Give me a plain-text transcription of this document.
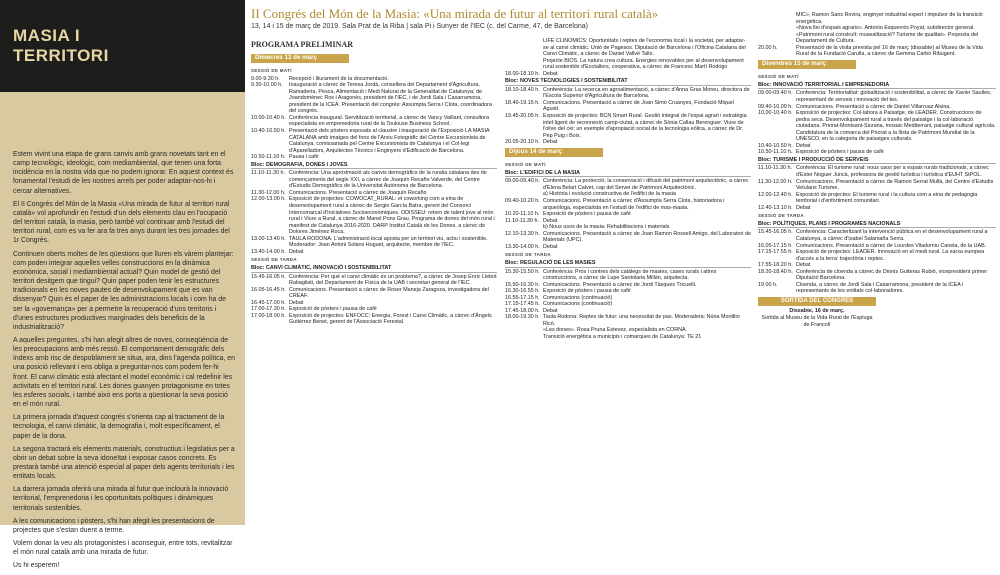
MASIA I
TERRITORI

Estem vivint una etapa de grans canvis amb grans novetats tant en el camp tecnològic, ideològic, com mediambiental, que tenen una forta incidència en la nostra vida que no podem ignorar. En aquest context és fonamental l'estudi de les nostres arrels per poder adaptar-nos-hi i cercar alternatives.

El II Congrés del Món de la Masia «Una mirada de futur al territori rural català» vol aprofundir en l'estudi d'un dels elements clau en l'ocupació del territori català, la masia, però també vol continuar amb l'estudi del territori rural, com es va fer ara fa tres anys durant les tres jornades del 1r Congrés.

Continuen oberts moltes de les qüestions que lluren els vàrem plantejar: com poden integrar aquelles velles construccions en la dinàmica econòmica, social i mediambiental actual? Quin model de gestió del territori desitgem que tingui? Quin paper poden tenir les estructures tradicionals en les noves pautes de desenvolupament que es van dissenyar? Quin és el paper de les administracions locals i com ha de ser la «governança» per a permetre la recuperació d'uns territoris i d'unes estructures productives marginades dels beneficis de la industrialització?

A aquelles preguntes, s'hi han afegit altres de noves, conseqüència de les preocupacions amb més ressò. El comportament demogràfic dels índexs amb risc de despoblament se situa, ara, dins l'agenda política, en una posició rellevant i ens obliga a preguntar-nos com podem fer-hi front. El canvi climàtic està afectant el model econòmic i cal redefinir les activitats en el territori rural. Les dones guanyen protagonisme en totes les esferes socials, i també això ens porta a qüestionar la seva posició en el món rural.

La primera jornada d'aquest congrés s'orienta cap al tractament de la tecnologia, el canvi climàtic, la demografia i, molt específicament, el paper de la dona.

La segona tractarà els elements materials, constructius i legislatius per a obrir un debat sobre la seva idoneïtat i exposar casos concrets. Es prestarà també una atenció especial al paper dels agents territorials i les entitats locals.

La darrera jornada oferirà una mirada al futur que inclourà la innovació territorial, l'emprenedoria i les oportunitats polítiques i dinàmiques territorials sostenibles.

A les comunicacions i pòsters, s'hi han afegit les presentacions de projectes que s'estan duent a terme.

Volem donar la veu als protagonistes i aconseguir, entre tots, revitalitzar el món rural català amb una mirada de futur.

Us hi esperem!

II Congrés del Món de la Masia: «Una mirada de futur al territori rural català»
13, 14 i 15 de març de 2019. Sala Prat de la Riba | sala Pi i Sunyer de l'IEC (c. del Carme, 47, de Barcelona)
PROGRAMA PRELIMINAR
Dimecres 13 de març
SESSIÓ DE MATÍ
9.00-9.30 h.	Recepció i lliurament de la documentació.
9.30-10.00 h.	Inauguració a càrrec de Teresa Jordà, consellera del Departament d'Agricultura, Ramaderia, Pesca, Alimentació i Medi Natural de la Generalitat de Catalunya; de Joandomènec Ros i Aragonès, president de l'IEC, i de Jordi Sala i Casarramona, president de la ICEA. Presentació del congrés: Assumpta Serra i Clota, coordinadora del congrés.
10.00-10.40 h. Conferència inaugural. Servitització territorial, a càrrec de Vancy Vaillant, consultora especialista en emprenedoria rural de la Toulouse Business School.
10.40-10.50 h. Presentació dels pòsters exposats al claustre i inauguració de l'Exposició LA MASIA CATALANA amb imatges del fons de l'Arxiu Fotogràfic del Centre Excursionista de Catalunya, comissariada pel Centre Excursionista de Catalunya i el Col·legi d'Aparelladors, Arquitectes Tècnics i Enginyers d'Edificació de Barcelona.
10.50-11.10 h. Pausa i cafè
Bloc: DEMOGRAFIA, DONES I JOVES
11.10-11.30 h. Conferència: Una aproximació als canvis demogràfics de la ruralia catalana des de començaments del segle XXI, a càrrec de Joaquín Recaño Valverde, del Centre d'Estudis Demogràfics de la Universitat Autònoma de Barcelona.
11.30-12.00 h. Comunicacions. Presentació a càrrec de Joaquín Recaño
12.00-13.00 h. Exposició de projectes: COWOCAT_RURAL: el coworking com a eina de desenvolupament rural a càrrec de Sergio García Batra, gerent del Consorci Intercomarcal d'Iniciatives Socioeconòmiques. ODISSEU: retorn de talent jove al món rural i Viure a Rural, a càrrec de Manel Pons Grau. Programa de dones del món rural i manifest de Catalunya 2016-2020. DARP Institut Català de les Dones, a càrrec de Dolores Jiménez Roca.
13.00-13.40 h. TAULA RODONA: L'administració local aposta per un territori viu, actiu i sostenible. Moderador: Joan Antoni Solans Huguet, arquitecte, membre de l'IEC.
13.40-14.00 h. Debat
SESSIÓ DE TARDA
Bloc: CANVI CLIMÀTIC, INNOVACIÓ I SOSTENIBILITAT
15.45-16.05 h. Conferència: Per què el canvi climàtic és un problema?, a càrrec de Josep Enric Llebot Rabagliati, del Departament de Física de la UAB i secretari general de l'IEC.
16.05-16.45 h. Comunicacions. Presentació a càrrec de Roser Maneja Zaragoza, investigadora del CREAF.
16.45-17.00 h. Debat
17.00-17.30 h. Exposició de pòsters i pausa de cafè
17.00-18.00 h. Exposició de projectes: ENFOCC: Energia, Forest i Canvi Climàtic, a càrrec d'Àngels Gutiérrez Benet, gerent de l'Associació Forestal.
LIFE CLINOMICS: Oportunitats i reptes de l'economia local i la societat, per adaptar-se al canvi climàtic. Unió de Pagesos. Diputació de Barcelona i l'Oficina Catalana del Canvi Climàtic, a càrrec de Daniel Vallvé Tallo.
Projecte BIOS. La natura crea cultura. Energies renovables per al desenvolupament rural sostenible d'Ecotallers, cooperativa, a càrrec de Francesc Martí Rodrigo
18.00-18.10 h. Debat
Bloc: NOVES TECNOLOGIES I SOSTENIBILITAT
18.10-18.40 h. Conferència: La recerca en agroalimentació, a càrrec d'Anna Gras Moreu, directora de l'Escola Superior d'Agricultura de Barcelona.
18.40-19.15 h. Comunicacions. Presentació a càrrec de Joan Simó Cruanyes, Fundació Miquel Agustí.
19.45-20.05 h. Exposició de projectes: BCN Smart Rural. Gestió integral de l'espai agrari i estratègia intel·ligent de reconnexió camp-ciutat, a càrrec de Sònia Callau Berenguer. Viure de l'olive del cel: un exemple d'apropiació social de la tecnologia eólica, a càrrec de Dr. Pep Puig i Boix.
20.05-20.10 h. Debat
Dijous 14 de març
SESSIÓ DE MATÍ
Bloc: L'EDIFICI DE LA MASIA
09.00-09.40 h. Conferència: La protecció, la conservació i difusió del patrimoni arquitectònic, a càrrec d'Elena Belart Calvet, cap del Servei de Patrimoni Arquitectònic.
a) Història i evolució constructiva de l'edifici de la masia
09.40-10.20 h. Comunicacions. Presentació a càrrec d'Assumpta Serra Clota, historiadora i arqueòloga, especialista en l'estudi de l'edifici de mas-masia.
10.20-11.10 h. Exposició de pòsters i pausa de cafè
11.10-11.30 h. Debat
b) Nous usos de la masia: Rehabilitacions i materials
12.10-13.30 h. Comunicacions. Presentació a càrrec de Joan Ramon Rossell Amigo, del Laboratori de Materials (UPC).
13.30-14.00 h. Debat
SESSIÓ DE TARDA
Bloc: REGULACIÓ DE LES MASIES
15.30-15.50 h. Conferència: Pros i contres dels catàlegs de masies, cases rurals i altres construccions, a càrrec de Lupe Santolaria Millán, arquitecta.
15.50-16.30 h. Comunicacions. Presentació a càrrec de Jordi Tàsques Tricuelli.
16.30-16.55 h. Exposició de pòsters i pausa de cafè
16.55-17.15 h. Comunicacions (continuació)
17.15-17.45 h. Comunicacions (continuació)
17.45-18.00 h. Debat
18.00-19.30 h. Taula Rodona: Reptes de futur: una necessitat de pas. Moderadora: Núria Montllor Ricó.
«Les dones». Rosa Pruna Estevez, especialista en CORNA.
Transició energètica a municipis i comarques de Catalunya: TE 21
MIC», Ramon Sans Rovira, enginyer industrial expert i impulsor de la transició energètica.
«Nova llei d'espais agraris». Antonio Esquerrés Poyat, subdirector general.
«Patrimoni rural construït: musealització? Turisme de qualitat». Proposta del Departament de Cultura.
20.00 h.	Presentació de la visita prevista pel 16 de març (dissabte) al Museu de la Vida Rural de la Fundació Carulla, a càrrec de Gemma Carbó Ribugent.
Divendres 15 de març
SESSIÓ DE MATÍ
Bloc: INNOVACIÓ TERRITORIAL I EMPRENEDORIA
09.00-09.40 h. Conferència: Territorialitat: globalització i sostenibilitat, a càrrec de Xavier Saulles, representant de serveis i innovació del tes.
09.40-10.00 h. Comunicacions. Presentació a càrrec de Daniel Villarruaz Alsina.
10.00-10.40 h. Exposició de projectes: Col·labora a Paisatge, de LEADER. Construccions de pedra seca. Desenvolupament rural a través del paisatge i la col·laboració ciutadana. Priorat-Montsant-Siurana, mosaic Mediterrani, paisatge cultural agrícola. Candidatura de la comarca del Priorat a la llista de Patrimoni Mundial de la UNESCO, en la categoria de paisatges culturals.
10.40-10.50 h. Debat
10.50-11.10 h. Exposició de pòsters i pausa de cafè
Bloc: TURISME I PRODUCCIÓ DE SERVEIS
11.10-11.30 h. Conferència: El turisme rural: nous usos per a espais rurals tradicionals, a càrrec d'Ester Noguer Juncà, professora de gestió turística i turística d'EUHT StPOL.
11.30-12.00 h. Comunicacions. Presentació a càrrec de Ramon Serrat Mullà, del Centre d'Estudis Vetulans Turisme.
12.00-12.40 h. Exposició de projectes: El turisme rural i la cultura com a eina de pedagogia territorial i d'enfortiment comunitari.
12.40-13.10 h. Debat
SESSIÓ DE TARDA
Bloc: POLÍTIQUES, PLANS I PROGRAMES NACIONALS
15.45-16.05 h. Conferència: Caracteritzant la intervenció pública en el desenvolupament rural a Catalunya, a càrrec d'Isabel Salamaña Serra.
16.05-17.15 h. Comunicacions. Presentació a càrrec de Lourdes Viladomiu Canela, de la UAB.
17.15-17.55 h. Exposició de projectes: LEADER. Innovació en el medi rural. La xarxa europea d'accés a la terra: trajectòria i reptes.
17.55-18.20 h. Debat
18.20-18.40 h. Conferència de cloenda a càrrec de Dionís Guiteras Rubió, vicepresident primer Diputació Barcelona.
19.00 h.	Cloenda, a càrrec de Jordi Sala i Casarramona, president de la ICEA i representants de les entitats col·laboradores.
SORTIDA DEL CONGRÉS
Dissabte, 16 de març.
Sortida al Museu de la Vida Rural de l'Espluga de Francolí
